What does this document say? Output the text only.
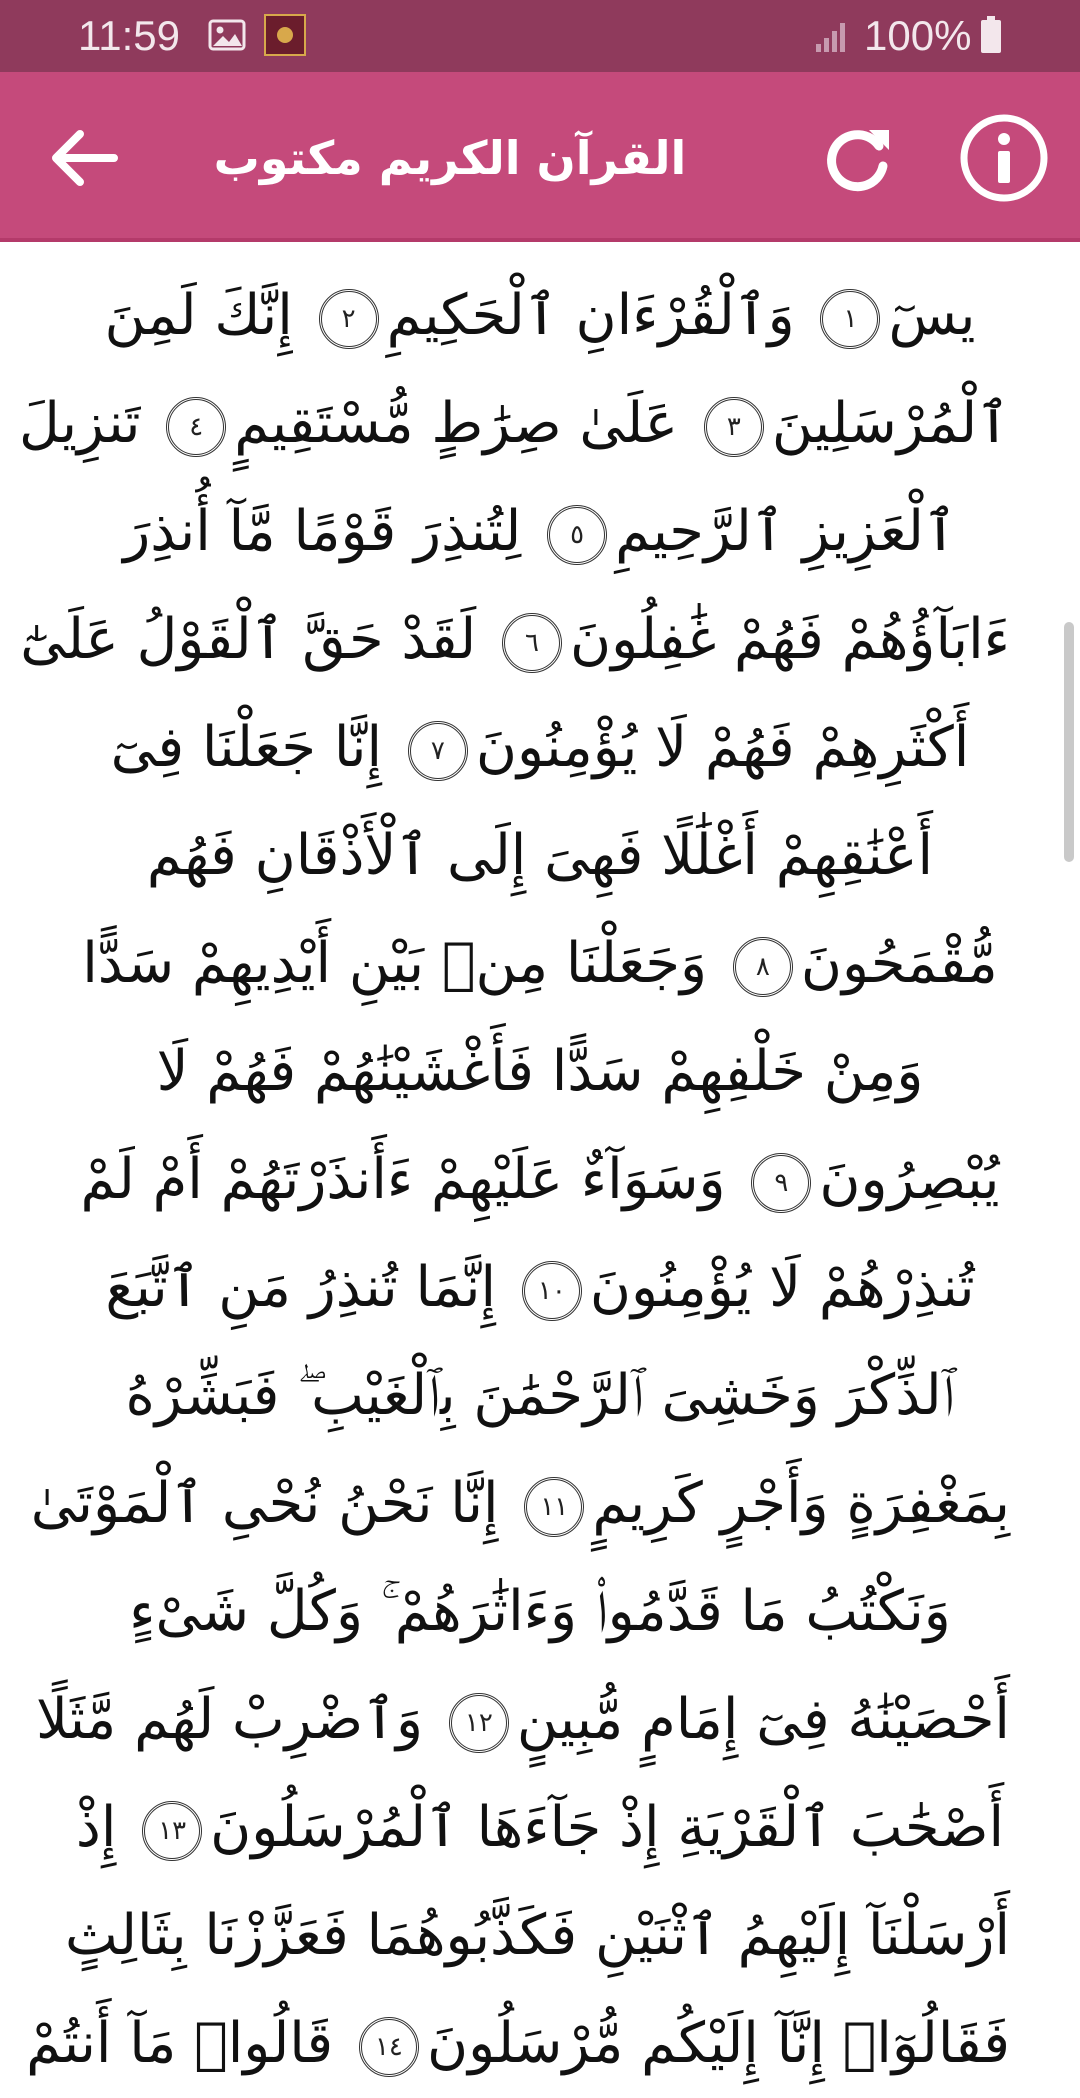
11:59	100%
القرآن الكريم مكتوب
يسٓ١ وَٱلْقُرْءَانِ ٱلْحَكِيمِ٢ إِنَّكَ لَمِنَ
ٱلْمُرْسَلِينَ٣ عَلَىٰ صِرَٰطٍ مُّسْتَقِيمٍ٤ تَنزِيلَ
ٱلْعَزِيزِ ٱلرَّحِيمِ٥ لِتُنذِرَ قَوْمًا مَّآ أُنذِرَ
ءَابَآؤُهُمْ فَهُمْ غَٰفِلُونَ٦ لَقَدْ حَقَّ ٱلْقَوْلُ عَلَىٰٓ
أَكْثَرِهِمْ فَهُمْ لَا يُؤْمِنُونَ٧ إِنَّا جَعَلْنَا فِىٓ
أَعْنَٰقِهِمْ أَغْلَٰلًا فَهِىَ إِلَى ٱلْأَذْقَانِ فَهُم
مُّقْمَحُونَ٨ وَجَعَلْنَا مِنۢ بَيْنِ أَيْدِيهِمْ سَدًّا
وَمِنْ خَلْفِهِمْ سَدًّا فَأَغْشَيْنَٰهُمْ فَهُمْ لَا
يُبْصِرُونَ٩ وَسَوَآءٌ عَلَيْهِمْ ءَأَنذَرْتَهُمْ أَمْ لَمْ
تُنذِرْهُمْ لَا يُؤْمِنُونَ١٠ إِنَّمَا تُنذِرُ مَنِ ٱتَّبَعَ
ٱلذِّكْرَ وَخَشِىَ ٱلرَّحْمَٰنَ بِٱلْغَيْبِ ۖ فَبَشِّرْهُ
بِمَغْفِرَةٍ وَأَجْرٍ كَرِيمٍ١١ إِنَّا نَحْنُ نُحْىِ ٱلْمَوْتَىٰ
وَنَكْتُبُ مَا قَدَّمُوا۟ وَءَاثَٰرَهُمْ ۚ وَكُلَّ شَىْءٍ
أَحْصَيْنَٰهُ فِىٓ إِمَامٍ مُّبِينٍ١٢ وَٱضْرِبْ لَهُم مَّثَلًا
أَصْحَٰبَ ٱلْقَرْيَةِ إِذْ جَآءَهَا ٱلْمُرْسَلُونَ١٣ إِذْ
أَرْسَلْنَآ إِلَيْهِمُ ٱثْنَيْنِ فَكَذَّبُوهُمَا فَعَزَّزْنَا بِثَالِثٍ
فَقَالُوٓا۟ إِنَّآ إِلَيْكُم مُّرْسَلُونَ١٤ قَالُوا۟ مَآ أَنتُمْ
